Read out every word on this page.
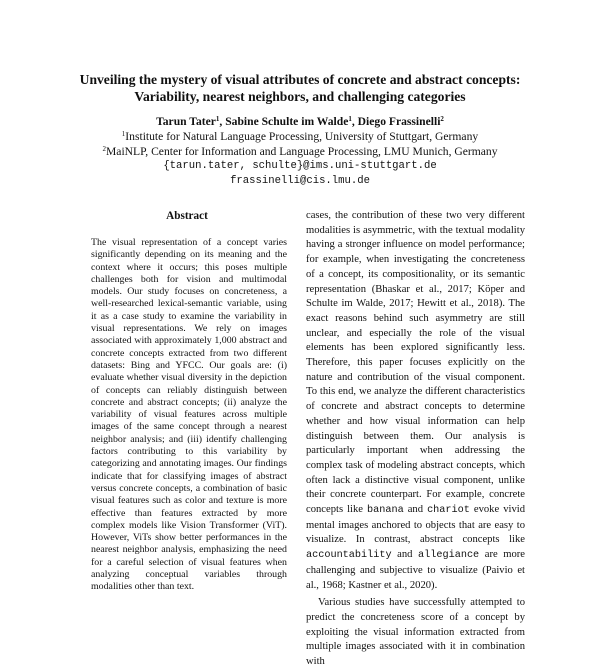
Unveiling the mystery of visual attributes of concrete and abstract concepts:
Variability, nearest neighbors, and challenging categories
Tarun Tater$^1$, Sabine Schulte im Walde$^1$, Diego Frassinelli$^2$
$^1$Institute for Natural Language Processing, University of Stuttgart, Germany
$^2$MaiNLP, Center for Information and Language Processing, LMU Munich, Germany
{tarun.tater, schulte}@ims.uni-stuttgart.de
frassinelli@cis.lmu.de
Abstract

The visual representation of a concept varies significantly depending on its meaning and the context where it occurs; this poses multiple challenges both for vision and multimodal models. Our study focuses on concreteness, a well-researched lexical-semantic variable, using it as a case study to examine the variability in visual representations. We rely on images associated with approximately 1,000 abstract and concrete concepts extracted from two different datasets: Bing and YFCC. Our goals are: (i) evaluate whether visual diversity in the depiction of concepts can reliably distinguish between concrete and abstract concepts; (ii) analyze the variability of visual features across multiple images of the same concept through a nearest neighbor analysis; and (iii) identify challenging factors contributing to this variability by categorizing and annotating images. Our findings indicate that for classifying images of abstract versus concrete concepts, a combination of basic visual features such as color and texture is more effective than features extracted by more complex models like Vision Transformer (ViT). However, ViTs show better performances in the nearest neighbor analysis, emphasizing the need for a careful selection of visual features when analyzing conceptual variables through modalities other than text.

cases, the contribution of these two very different modalities is asymmetric, with the textual modality having a stronger influence on model performance; for example, when investigating the concreteness of a concept, its compositionality, or its semantic representation (Bhaskar et al., 2017; Köper and Schulte im Walde, 2017; Hewitt et al., 2018). The exact reasons behind such asymmetry are still unclear, and especially the role of the visual elements has been explored significantly less. Therefore, this paper focuses explicitly on the nature and contribution of the visual component. To this end, we analyze the different characteristics of concrete and abstract concepts to determine whether and how visual information can help distinguish between them. Our analysis is particularly important when addressing the complex task of modeling abstract concepts, which often lack a distinctive visual component, unlike their concrete counterpart. For example, concrete concepts like banana and chariot evoke vivid mental images anchored to objects that are easy to visualize. In contrast, abstract concepts like accountability and allegiance are more challenging and subjective to visualize (Paivio et al., 1968; Kastner et al., 2020).

Various studies have successfully attempted to predict the concreteness score of a concept by exploiting the visual information extracted from multiple images associated with it in combination with
